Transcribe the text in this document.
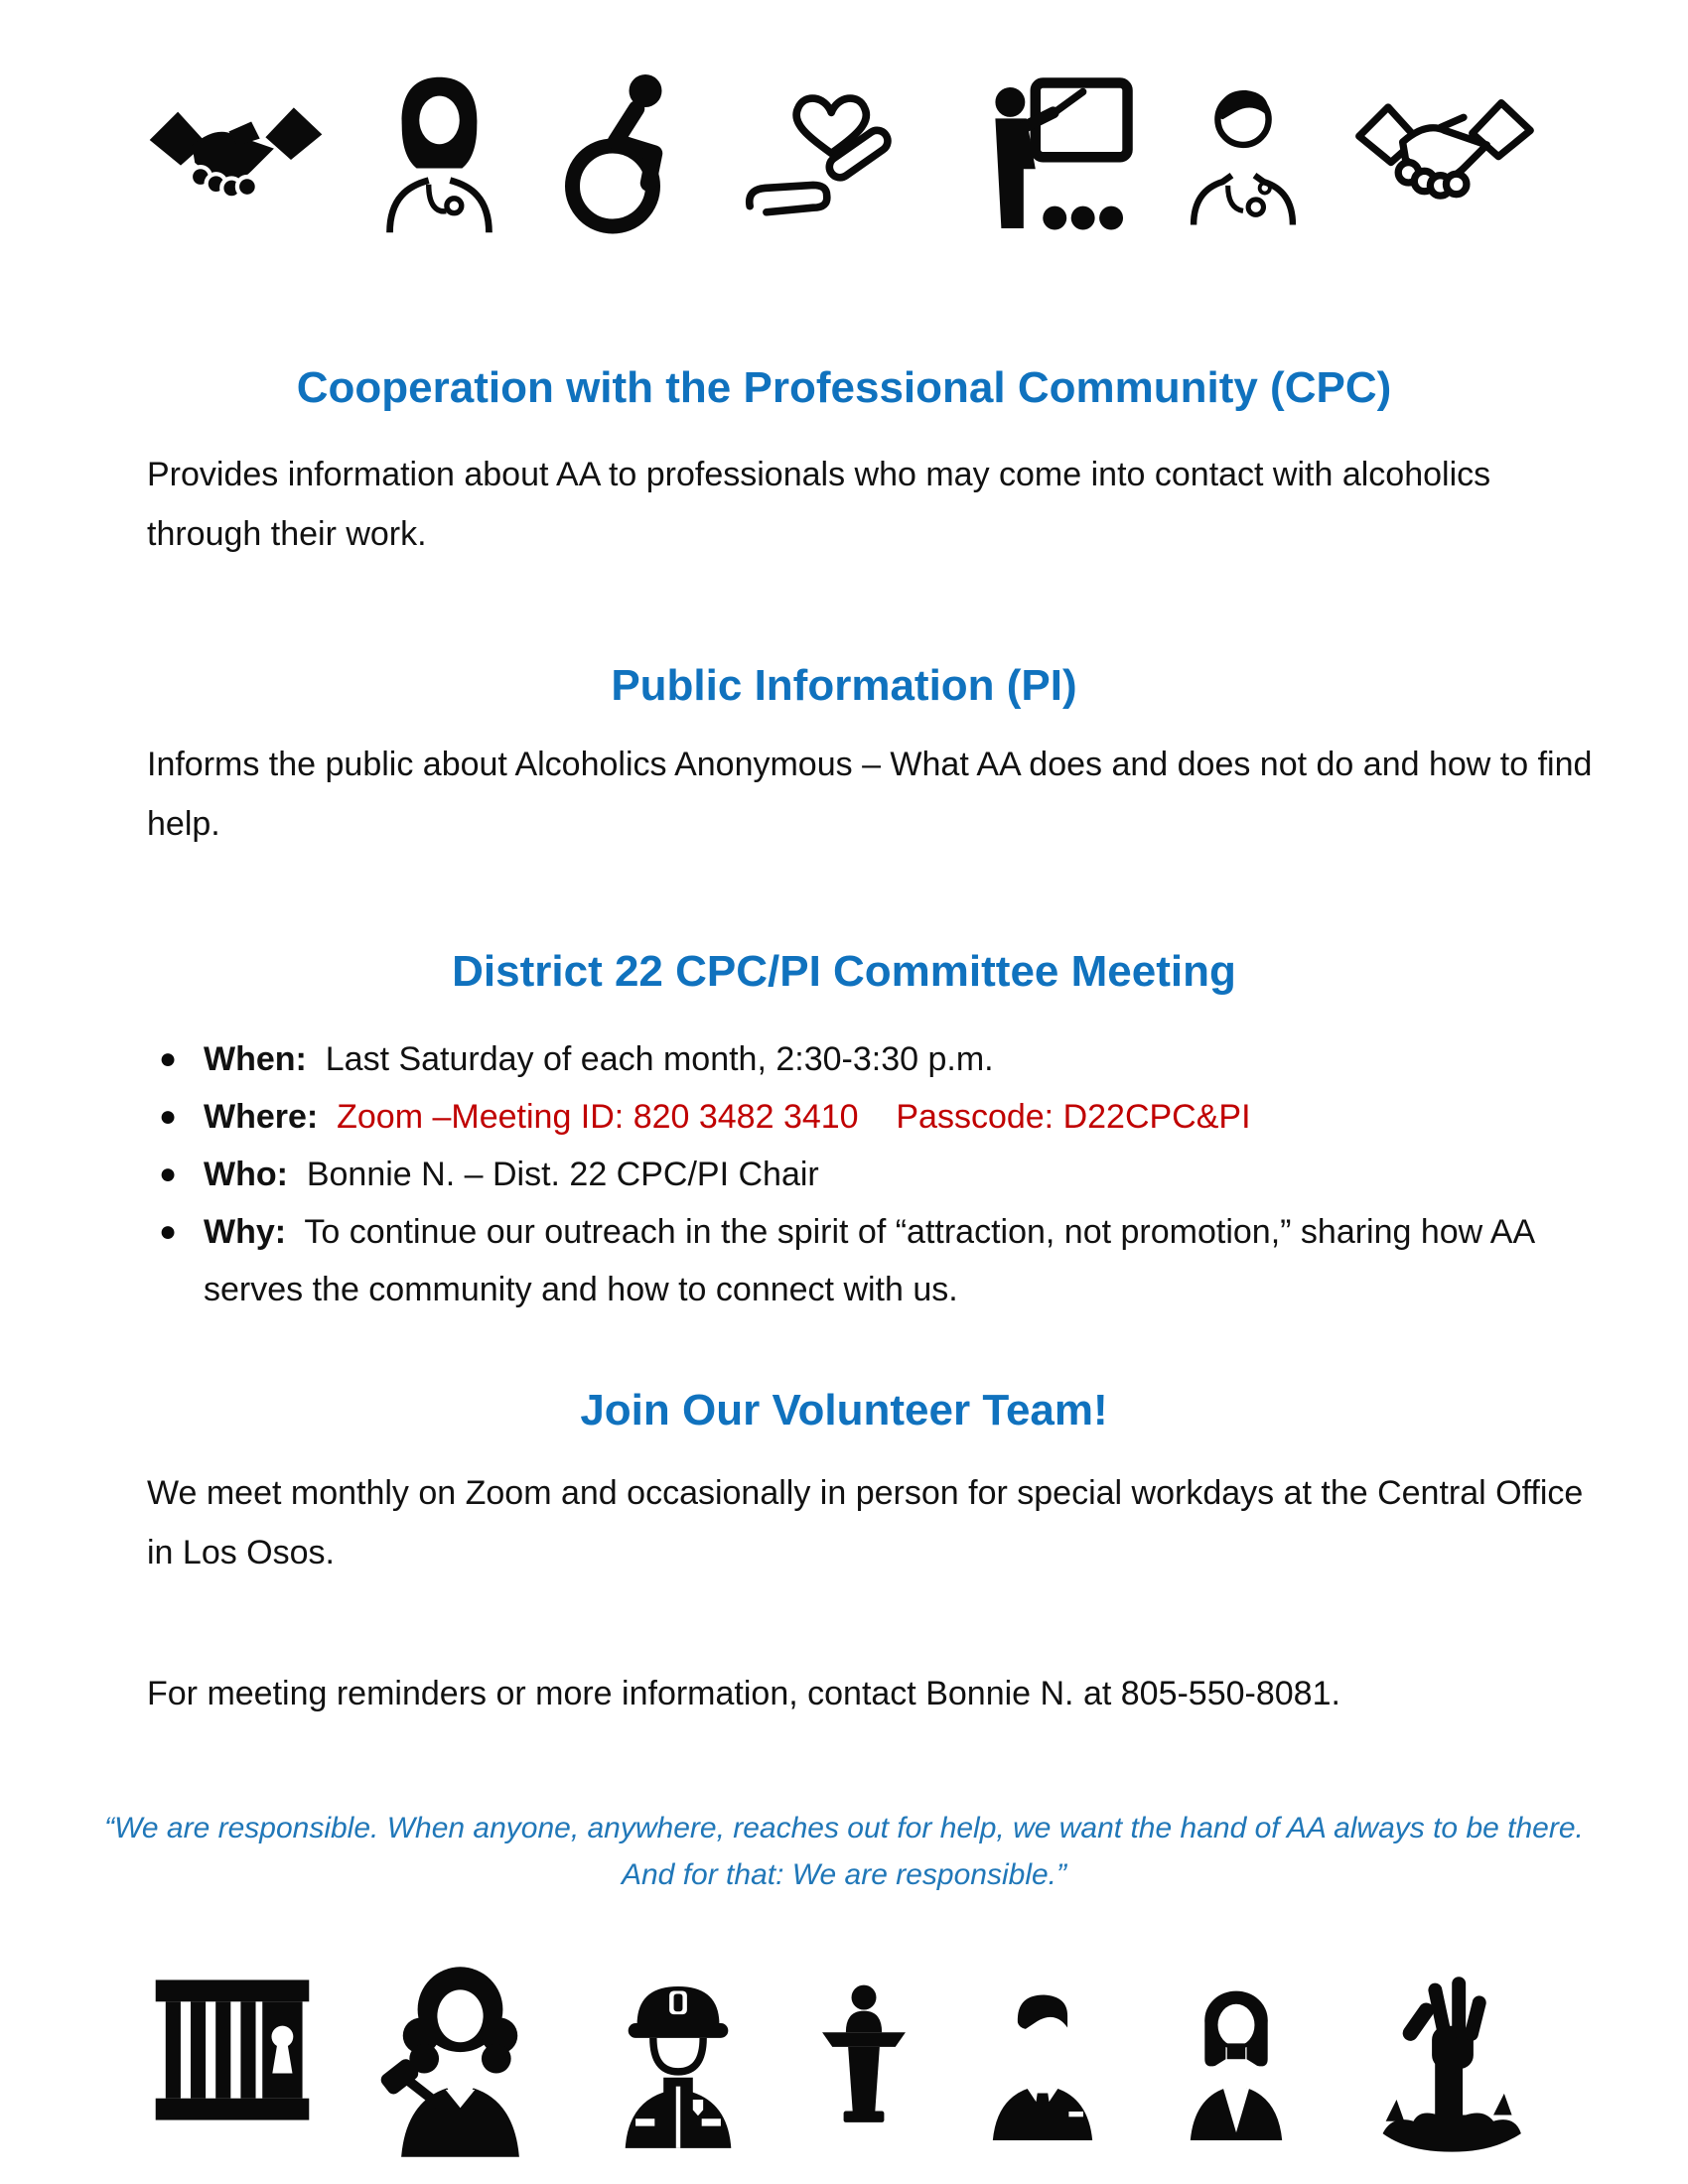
Cooperation with the Professional Community (CPC)

Provides information about AA to professionals who may come into contact with alcoholics through their work.

Public Information (PI)

Informs the public about Alcoholics Anonymous – What AA does and does not do and how to find help.

District 22 CPC/PI Committee Meeting
● When:  Last Saturday of each month, 2:30-3:30 p.m.
● Where:  Zoom –Meeting ID: 820 3482 3410    Passcode: D22CPC&PI
● Who:  Bonnie N. – Dist. 22 CPC/PI Chair
● Why:  To continue our outreach in the spirit of “attraction, not promotion,” sharing how AA serves the community and how to connect with us.
Join Our Volunteer Team!

We meet monthly on Zoom and occasionally in person for special workdays at the Central Office in Los Osos.

For meeting reminders or more information, contact Bonnie N. at 805-550-8081.

“We are responsible. When anyone, anywhere, reaches out for help, we want the hand of AA always to be there.
And for that: We are responsible.”
